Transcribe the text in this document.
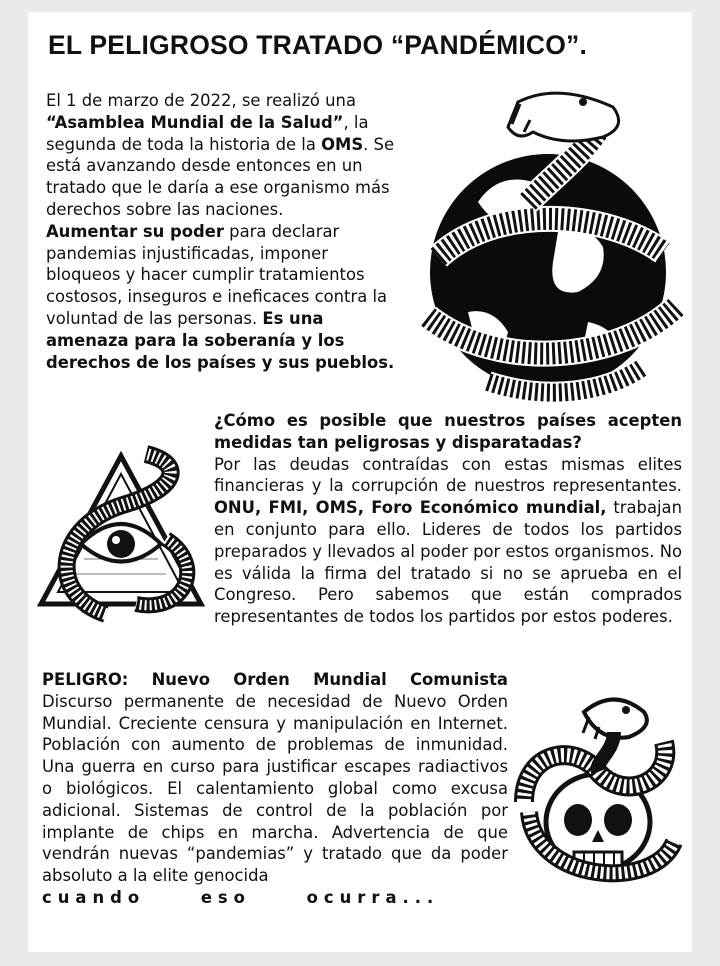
EL PELIGROSO TRATADO “PANDÉMICO”.
El 1 de marzo de 2022, se realizó una
“Asamblea Mundial de la Salud”, la
segunda de toda la historia de la OMS. Se
está avanzando desde entonces en un
tratado que le daría a ese organismo más
derechos sobre las naciones.
Aumentar su poder para declarar
pandemias injustificadas, imponer
bloqueos y hacer cumplir tratamientos
costosos, inseguros e ineficaces contra la
voluntad de las personas. Es una
amenaza para la soberanía y los
derechos de los países y sus pueblos.
¿Cómo es posible que nuestros países acepten medidas tan peligrosas y disparatadas?
Por las deudas contraídas con estas mismas elites financieras y la corrupción de nuestros representantes. ONU, FMI, OMS, Foro Económico mundial, trabajan en conjunto para ello. Lideres de todos los partidos preparados y llevados al poder por estos organismos. No es válida la firma del tratado si no se aprueba en el Congreso. Pero sabemos que están comprados representantes de todos los partidos por estos poderes.
PELIGRO: Nuevo Orden Mundial Comunista
Discurso permanente de necesidad de Nuevo Orden Mundial. Creciente censura y manipulación en Internet. Población con aumento de problemas de inmunidad. Una guerra en curso para justificar escapes radiactivos o biológicos. El calentamiento global como excusa adicional. Sistemas de control de la población por implante de chips en marcha. Advertencia de que vendrán nuevas “pandemias” y tratado que da poder absoluto a la elite genocida
cuando eso ocurra...
